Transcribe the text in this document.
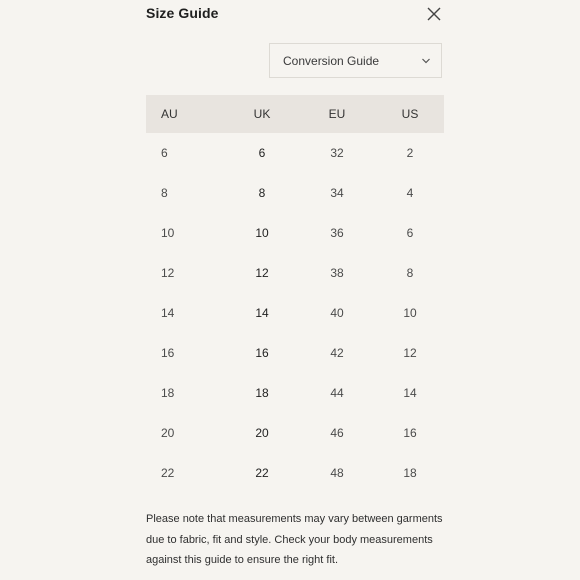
Size Guide
Conversion Guide
AU	UK	EU	US
6	6	32	2
8	8	34	4
10	10	36	6
12	12	38	8
14	14	40	10
16	16	42	12
18	18	44	14
20	20	46	16
22	22	48	18
Please note that measurements may vary between garments due to fabric, fit and style. Check your body measurements against this guide to ensure the right fit.
